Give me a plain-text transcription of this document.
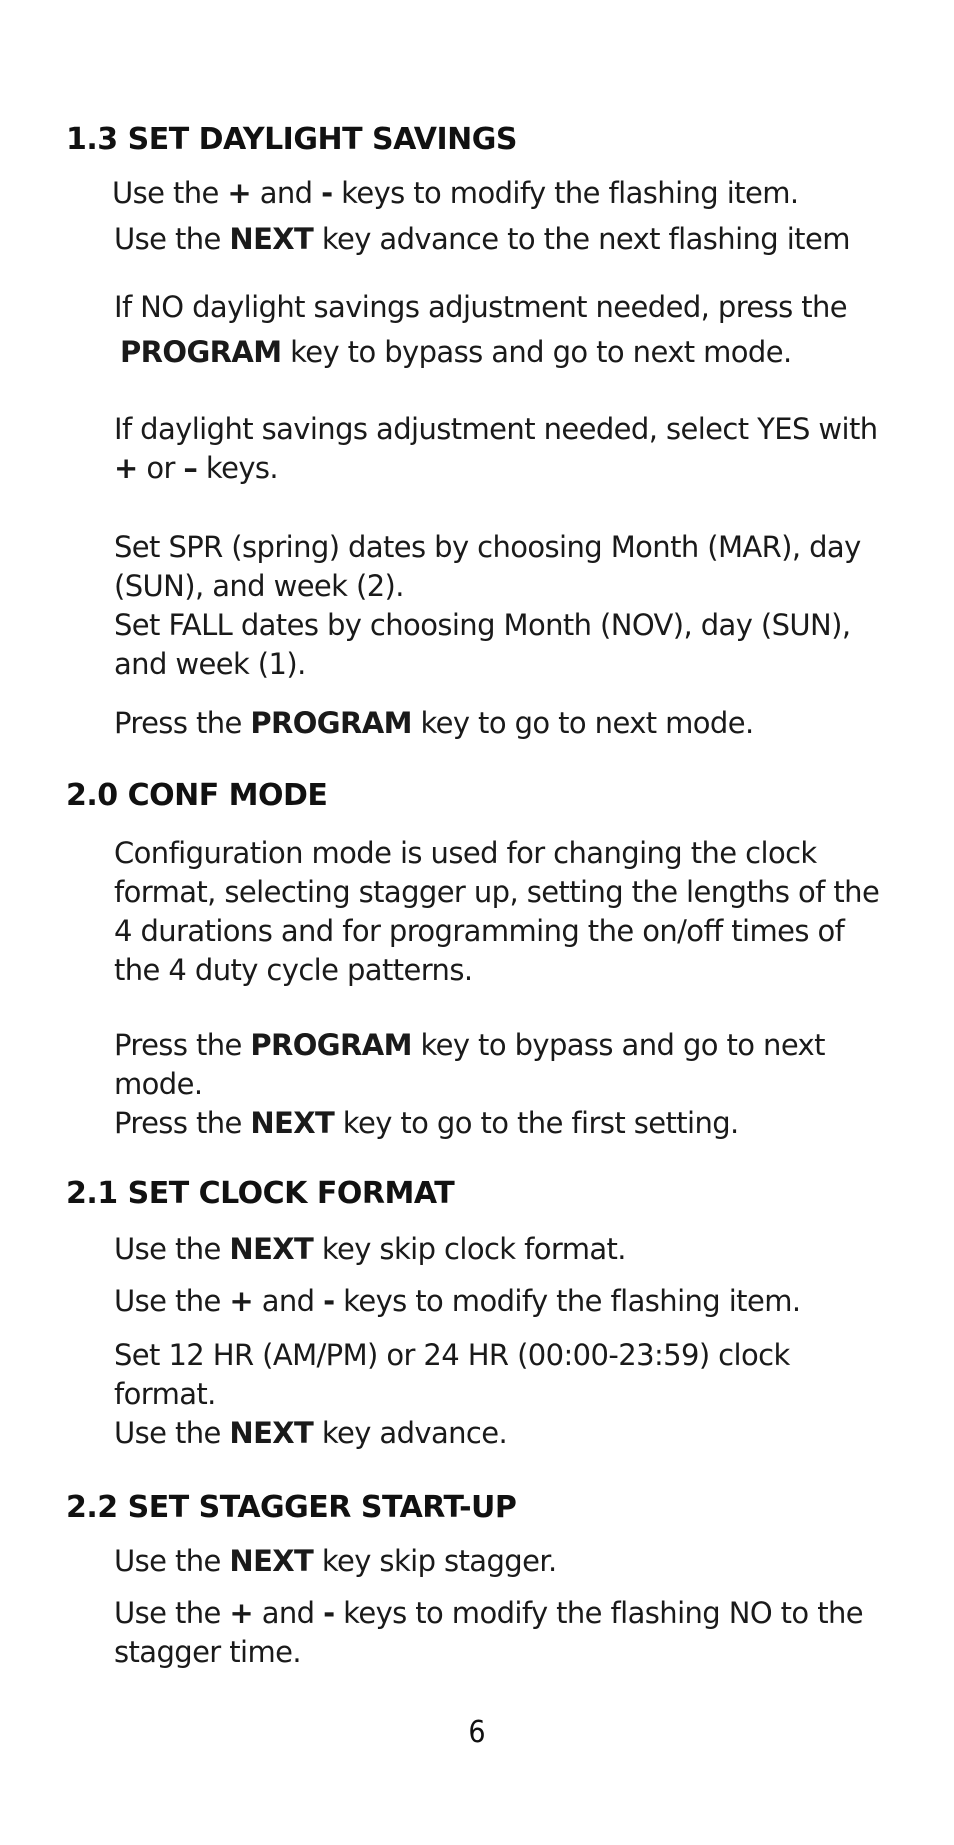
1.3 SET DAYLIGHT SAVINGS
Use the + and - keys to modify the flashing item.
Use the NEXT key advance to the next flashing item
If NO daylight savings adjustment needed, press the
PROGRAM key to bypass and go to next mode.
If daylight savings adjustment needed, select YES with
+ or – keys.
Set SPR (spring) dates by choosing Month (MAR), day
(SUN), and week (2).
Set FALL dates by choosing Month (NOV), day (SUN),
and week (1).
Press the PROGRAM key to go to next mode.
2.0 CONF MODE
Configuration mode is used for changing the clock
format, selecting stagger up, setting the lengths of the
4 durations and for programming the on/off times of
the 4 duty cycle patterns.
Press the PROGRAM key to bypass and go to next
mode.
Press the NEXT key to go to the first setting.
2.1 SET CLOCK FORMAT
Use the NEXT key skip clock format.
Use the + and - keys to modify the flashing item.
Set 12 HR (AM/PM) or 24 HR (00:00-23:59) clock
format.
Use the NEXT key advance.
2.2 SET STAGGER START-UP
Use the NEXT key skip stagger.
Use the + and - keys to modify the flashing NO to the
stagger time.
6
